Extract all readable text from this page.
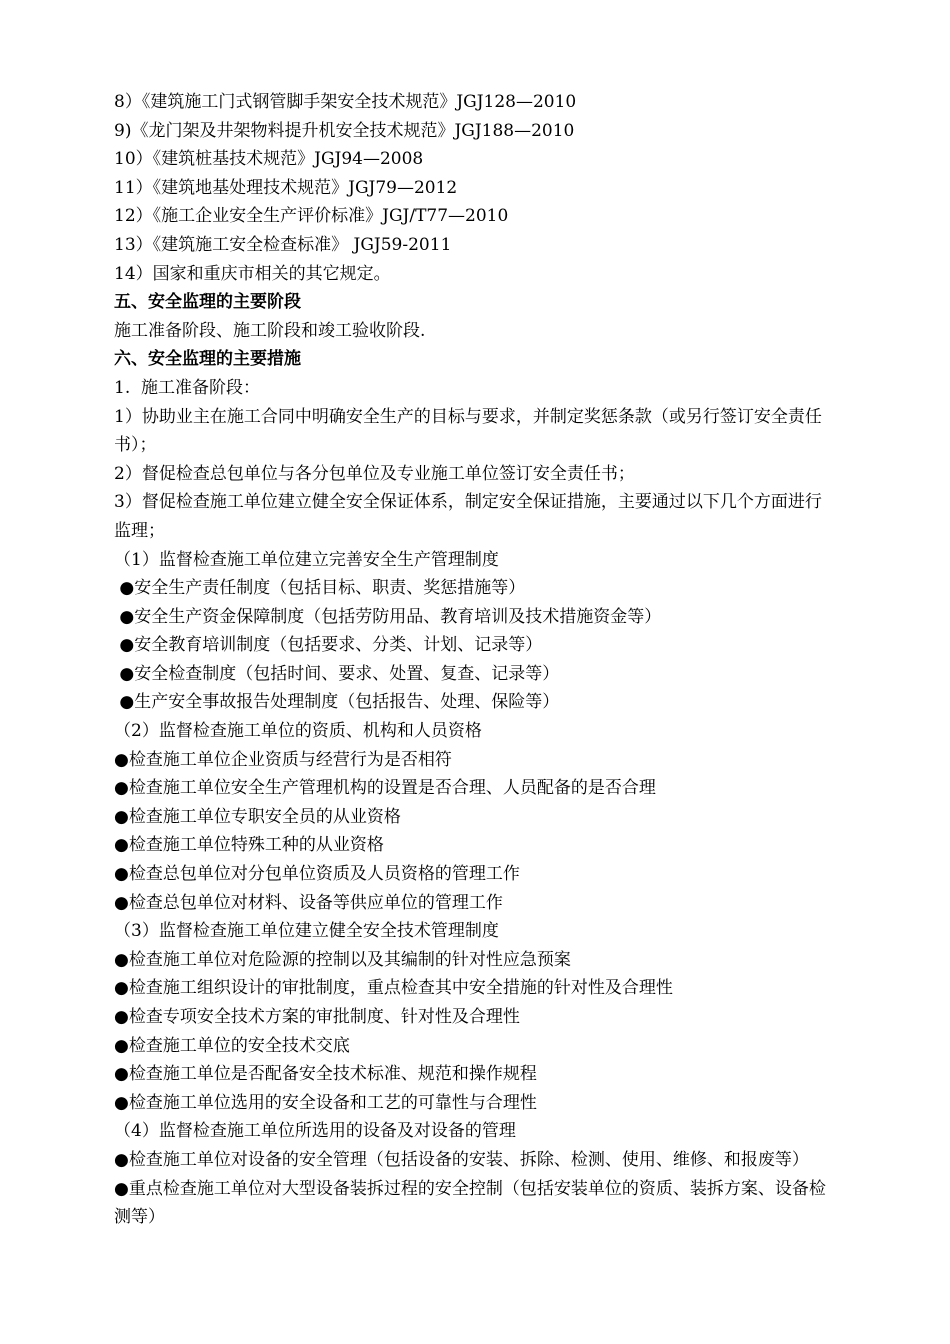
8）《建筑施工门式钢管脚手架安全技术规范》JGJ128—2010
9)《龙门架及井架物料提升机安全技术规范》JGJ188—2010
10）《建筑桩基技术规范》JGJ94—2008
11）《建筑地基处理技术规范》JGJ79—2012
12）《施工企业安全生产评价标准》JGJ/T77—2010
13）《建筑施工安全检查标准》 JGJ59-2011
14）国家和重庆市相关的其它规定。
五、安全监理的主要阶段
施工准备阶段、施工阶段和竣工验收阶段.
六、安全监理的主要措施
1.  施工准备阶段：
1）协助业主在施工合同中明确安全生产的目标与要求，并制定奖惩条款（或另行签订安全责任书）；
2）督促检查总包单位与各分包单位及专业施工单位签订安全责任书；
3）督促检查施工单位建立健全安全保证体系，制定安全保证措施，主要通过以下几个方面进行监理；
（1）监督检查施工单位建立完善安全生产管理制度
●安全生产责任制度（包括目标、职责、奖惩措施等）
●安全生产资金保障制度（包括劳防用品、教育培训及技术措施资金等）
●安全教育培训制度（包括要求、分类、计划、记录等）
●安全检查制度（包括时间、要求、处置、复查、记录等）
●生产安全事故报告处理制度（包括报告、处理、保险等）
（2）监督检查施工单位的资质、机构和人员资格
●检查施工单位企业资质与经营行为是否相符
●检查施工单位安全生产管理机构的设置是否合理、人员配备的是否合理
●检查施工单位专职安全员的从业资格
●检查施工单位特殊工种的从业资格
●检查总包单位对分包单位资质及人员资格的管理工作
●检查总包单位对材料、设备等供应单位的管理工作
（3）监督检查施工单位建立健全安全技术管理制度
●检查施工单位对危险源的控制以及其编制的针对性应急预案
●检查施工组织设计的审批制度，重点检查其中安全措施的针对性及合理性
●检查专项安全技术方案的审批制度、针对性及合理性
●检查施工单位的安全技术交底
●检查施工单位是否配备安全技术标准、规范和操作规程
●检查施工单位选用的安全设备和工艺的可靠性与合理性
（4）监督检查施工单位所选用的设备及对设备的管理
●检查施工单位对设备的安全管理（包括设备的安装、拆除、检测、使用、维修、和报废等）
●重点检查施工单位对大型设备装拆过程的安全控制（包括安装单位的资质、装拆方案、设备检测等）
